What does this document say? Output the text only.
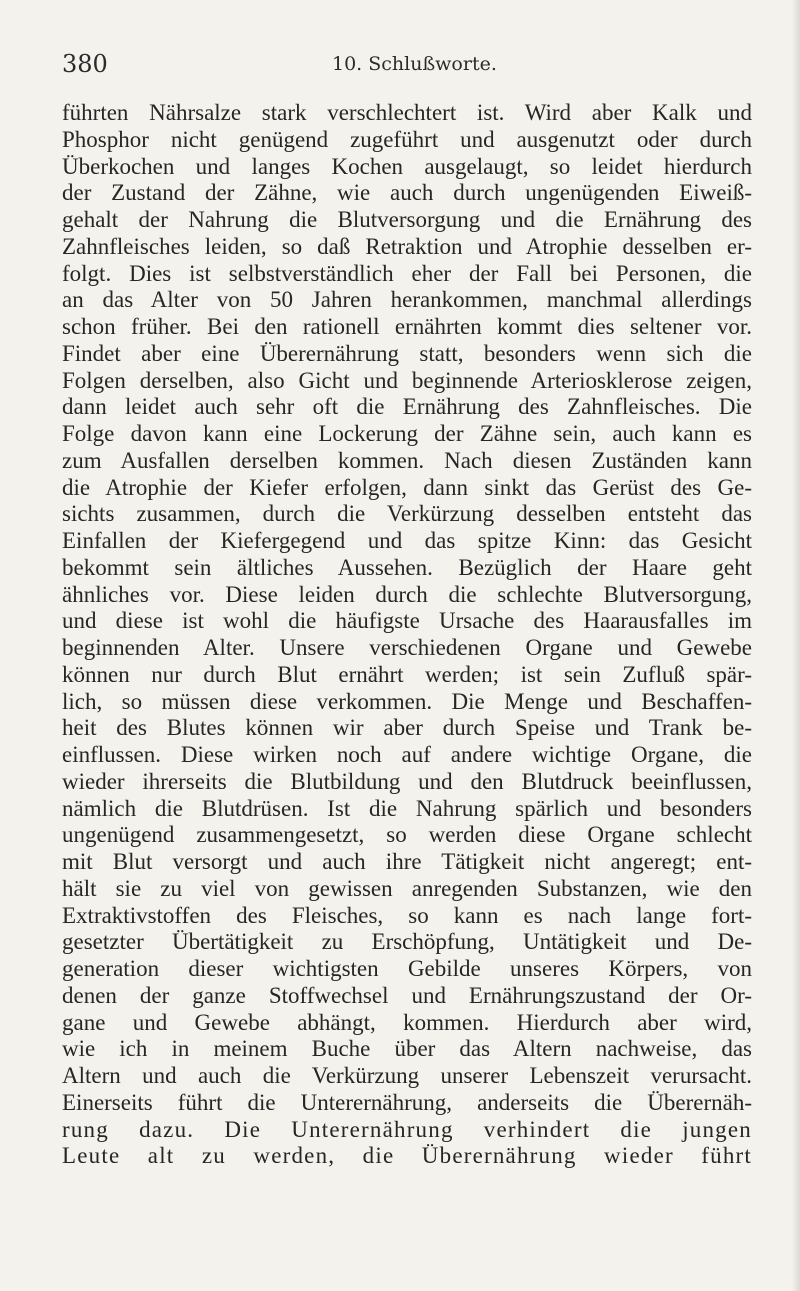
380	10. Schlußworte.
führten Nährsalze stark verschlechtert ist. Wird aber Kalk und
Phosphor nicht genügend zugeführt und ausgenutzt oder durch
Überkochen und langes Kochen ausgelaugt, so leidet hierdurch
der Zustand der Zähne, wie auch durch ungenügenden Eiweiß-
gehalt der Nahrung die Blutversorgung und die Ernährung des
Zahnfleisches leiden, so daß Retraktion und Atrophie desselben er-
folgt. Dies ist selbstverständlich eher der Fall bei Personen, die
an das Alter von 50 Jahren herankommen, manchmal allerdings
schon früher. Bei den rationell ernährten kommt dies seltener vor.
Findet aber eine Überernährung statt, besonders wenn sich die
Folgen derselben, also Gicht und beginnende Arteriosklerose zeigen,
dann leidet auch sehr oft die Ernährung des Zahnfleisches. Die
Folge davon kann eine Lockerung der Zähne sein, auch kann es
zum Ausfallen derselben kommen. Nach diesen Zuständen kann
die Atrophie der Kiefer erfolgen, dann sinkt das Gerüst des Ge-
sichts zusammen, durch die Verkürzung desselben entsteht das
Einfallen der Kiefergegend und das spitze Kinn: das Gesicht
bekommt sein ältliches Aussehen. Bezüglich der Haare geht
ähnliches vor. Diese leiden durch die schlechte Blutversorgung,
und diese ist wohl die häufigste Ursache des Haarausfalles im
beginnenden Alter. Unsere verschiedenen Organe und Gewebe
können nur durch Blut ernährt werden; ist sein Zufluß spär-
lich, so müssen diese verkommen. Die Menge und Beschaffen-
heit des Blutes können wir aber durch Speise und Trank be-
einflussen. Diese wirken noch auf andere wichtige Organe, die
wieder ihrerseits die Blutbildung und den Blutdruck beeinflussen,
nämlich die Blutdrüsen. Ist die Nahrung spärlich und besonders
ungenügend zusammengesetzt, so werden diese Organe schlecht
mit Blut versorgt und auch ihre Tätigkeit nicht angeregt; ent-
hält sie zu viel von gewissen anregenden Substanzen, wie den
Extraktivstoffen des Fleisches, so kann es nach lange fort-
gesetzter Übertätigkeit zu Erschöpfung, Untätigkeit und De-
generation dieser wichtigsten Gebilde unseres Körpers, von
denen der ganze Stoffwechsel und Ernährungszustand der Or-
gane und Gewebe abhängt, kommen. Hierdurch aber wird,
wie ich in meinem Buche über das Altern nachweise, das
Altern und auch die Verkürzung unserer Lebenszeit verursacht.
Einerseits führt die Unterernährung, anderseits die Überernäh-
rung dazu. Die Unterernährung verhindert die jungen
Leute alt zu werden, die Überernährung wieder führt
